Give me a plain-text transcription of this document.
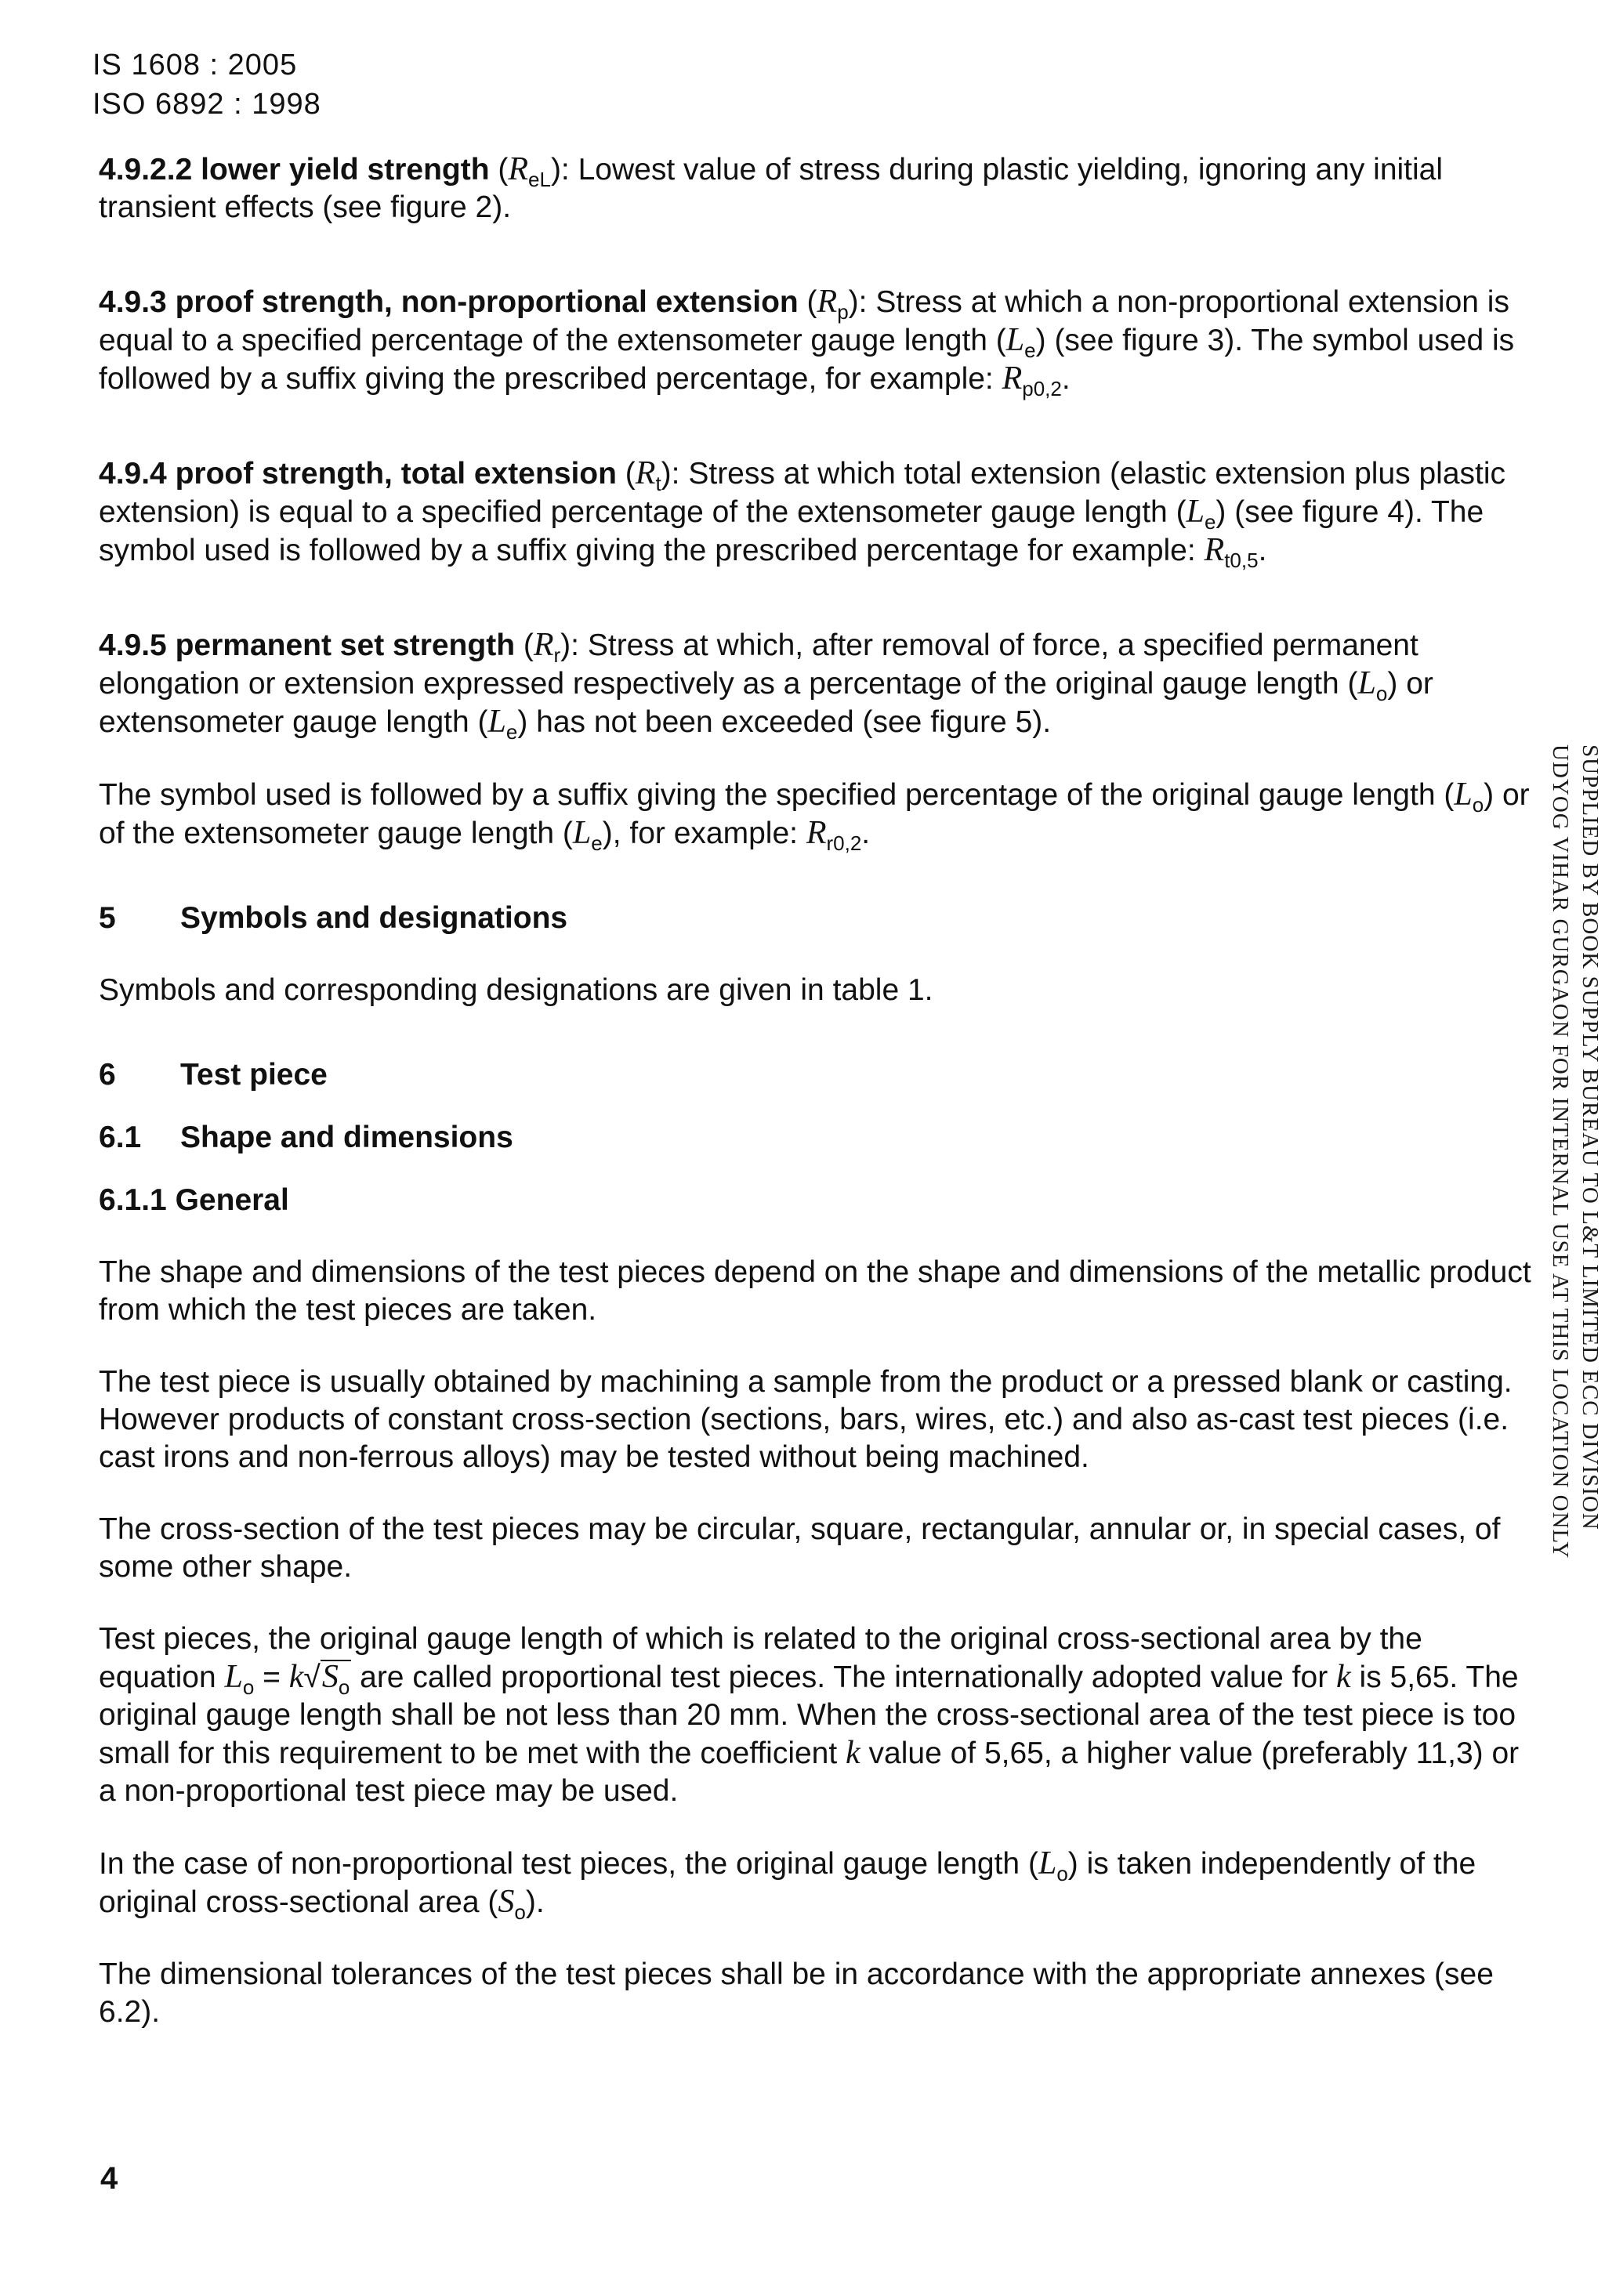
IS 1608 : 2005
ISO 6892 : 1998

4.9.2.2 lower yield strength $(R_{eL})$: Lowest value of stress during plastic yielding, ignoring any initial transient effects (see figure 2).

4.9.3 proof strength, non-proportional extension $(R_p)$: Stress at which a non-proportional extension is equal to a specified percentage of the extensometer gauge length $(L_e)$ (see figure 3). The symbol used is followed by a suffix giving the prescribed percentage, for example: $R_{p0,2}$.

4.9.4 proof strength, total extension $(R_t)$: Stress at which total extension (elastic extension plus plastic extension) is equal to a specified percentage of the extensometer gauge length $(L_e)$ (see figure 4). The symbol used is followed by a suffix giving the prescribed percentage for example: $R_{t0,5}$.

4.9.5 permanent set strength $(R_r)$: Stress at which, after removal of force, a specified permanent elongation or extension expressed respectively as a percentage of the original gauge length $(L_o)$ or extensometer gauge length $(L_e)$ has not been exceeded (see figure 5).

The symbol used is followed by a suffix giving the specified percentage of the original gauge length $(L_o)$ or of the extensometer gauge length $(L_e)$, for example: $R_{r0,2}$.

5 Symbols and designations

Symbols and corresponding designations are given in table 1.

6 Test piece

6.1 Shape and dimensions

6.1.1 General

The shape and dimensions of the test pieces depend on the shape and dimensions of the metallic product from which the test pieces are taken.

The test piece is usually obtained by machining a sample from the product or a pressed blank or casting. However products of constant cross-section (sections, bars, wires, etc.) and also as-cast test pieces (i.e. cast irons and non-ferrous alloys) may be tested without being machined.

The cross-section of the test pieces may be circular, square, rectangular, annular or, in special cases, of some other shape.

Test pieces, the original gauge length of which is related to the original cross-sectional area by the equation $L_o = k√S_o$ are called proportional test pieces. The internationally adopted value for k is 5,65. The original gauge length shall be not less than 20 mm. When the cross-sectional area of the test piece is too small for this requirement to be met with the coefficient k value of 5,65, a higher value (preferably 11,3) or a non-proportional test piece may be used.

In the case of non-proportional test pieces, the original gauge length $(L_o)$ is taken independently of the original cross-sectional area $(S_o)$.

The dimensional tolerances of the test pieces shall be in accordance with the appropriate annexes (see 6.2).

SUPPLIED BY BOOK SUPPLY BUREAU TO L&T LIMITED ECC DIVISION
UDYOG VIHAR GURGAON FOR INTERNAL USE AT THIS LOCATION ONLY
4
